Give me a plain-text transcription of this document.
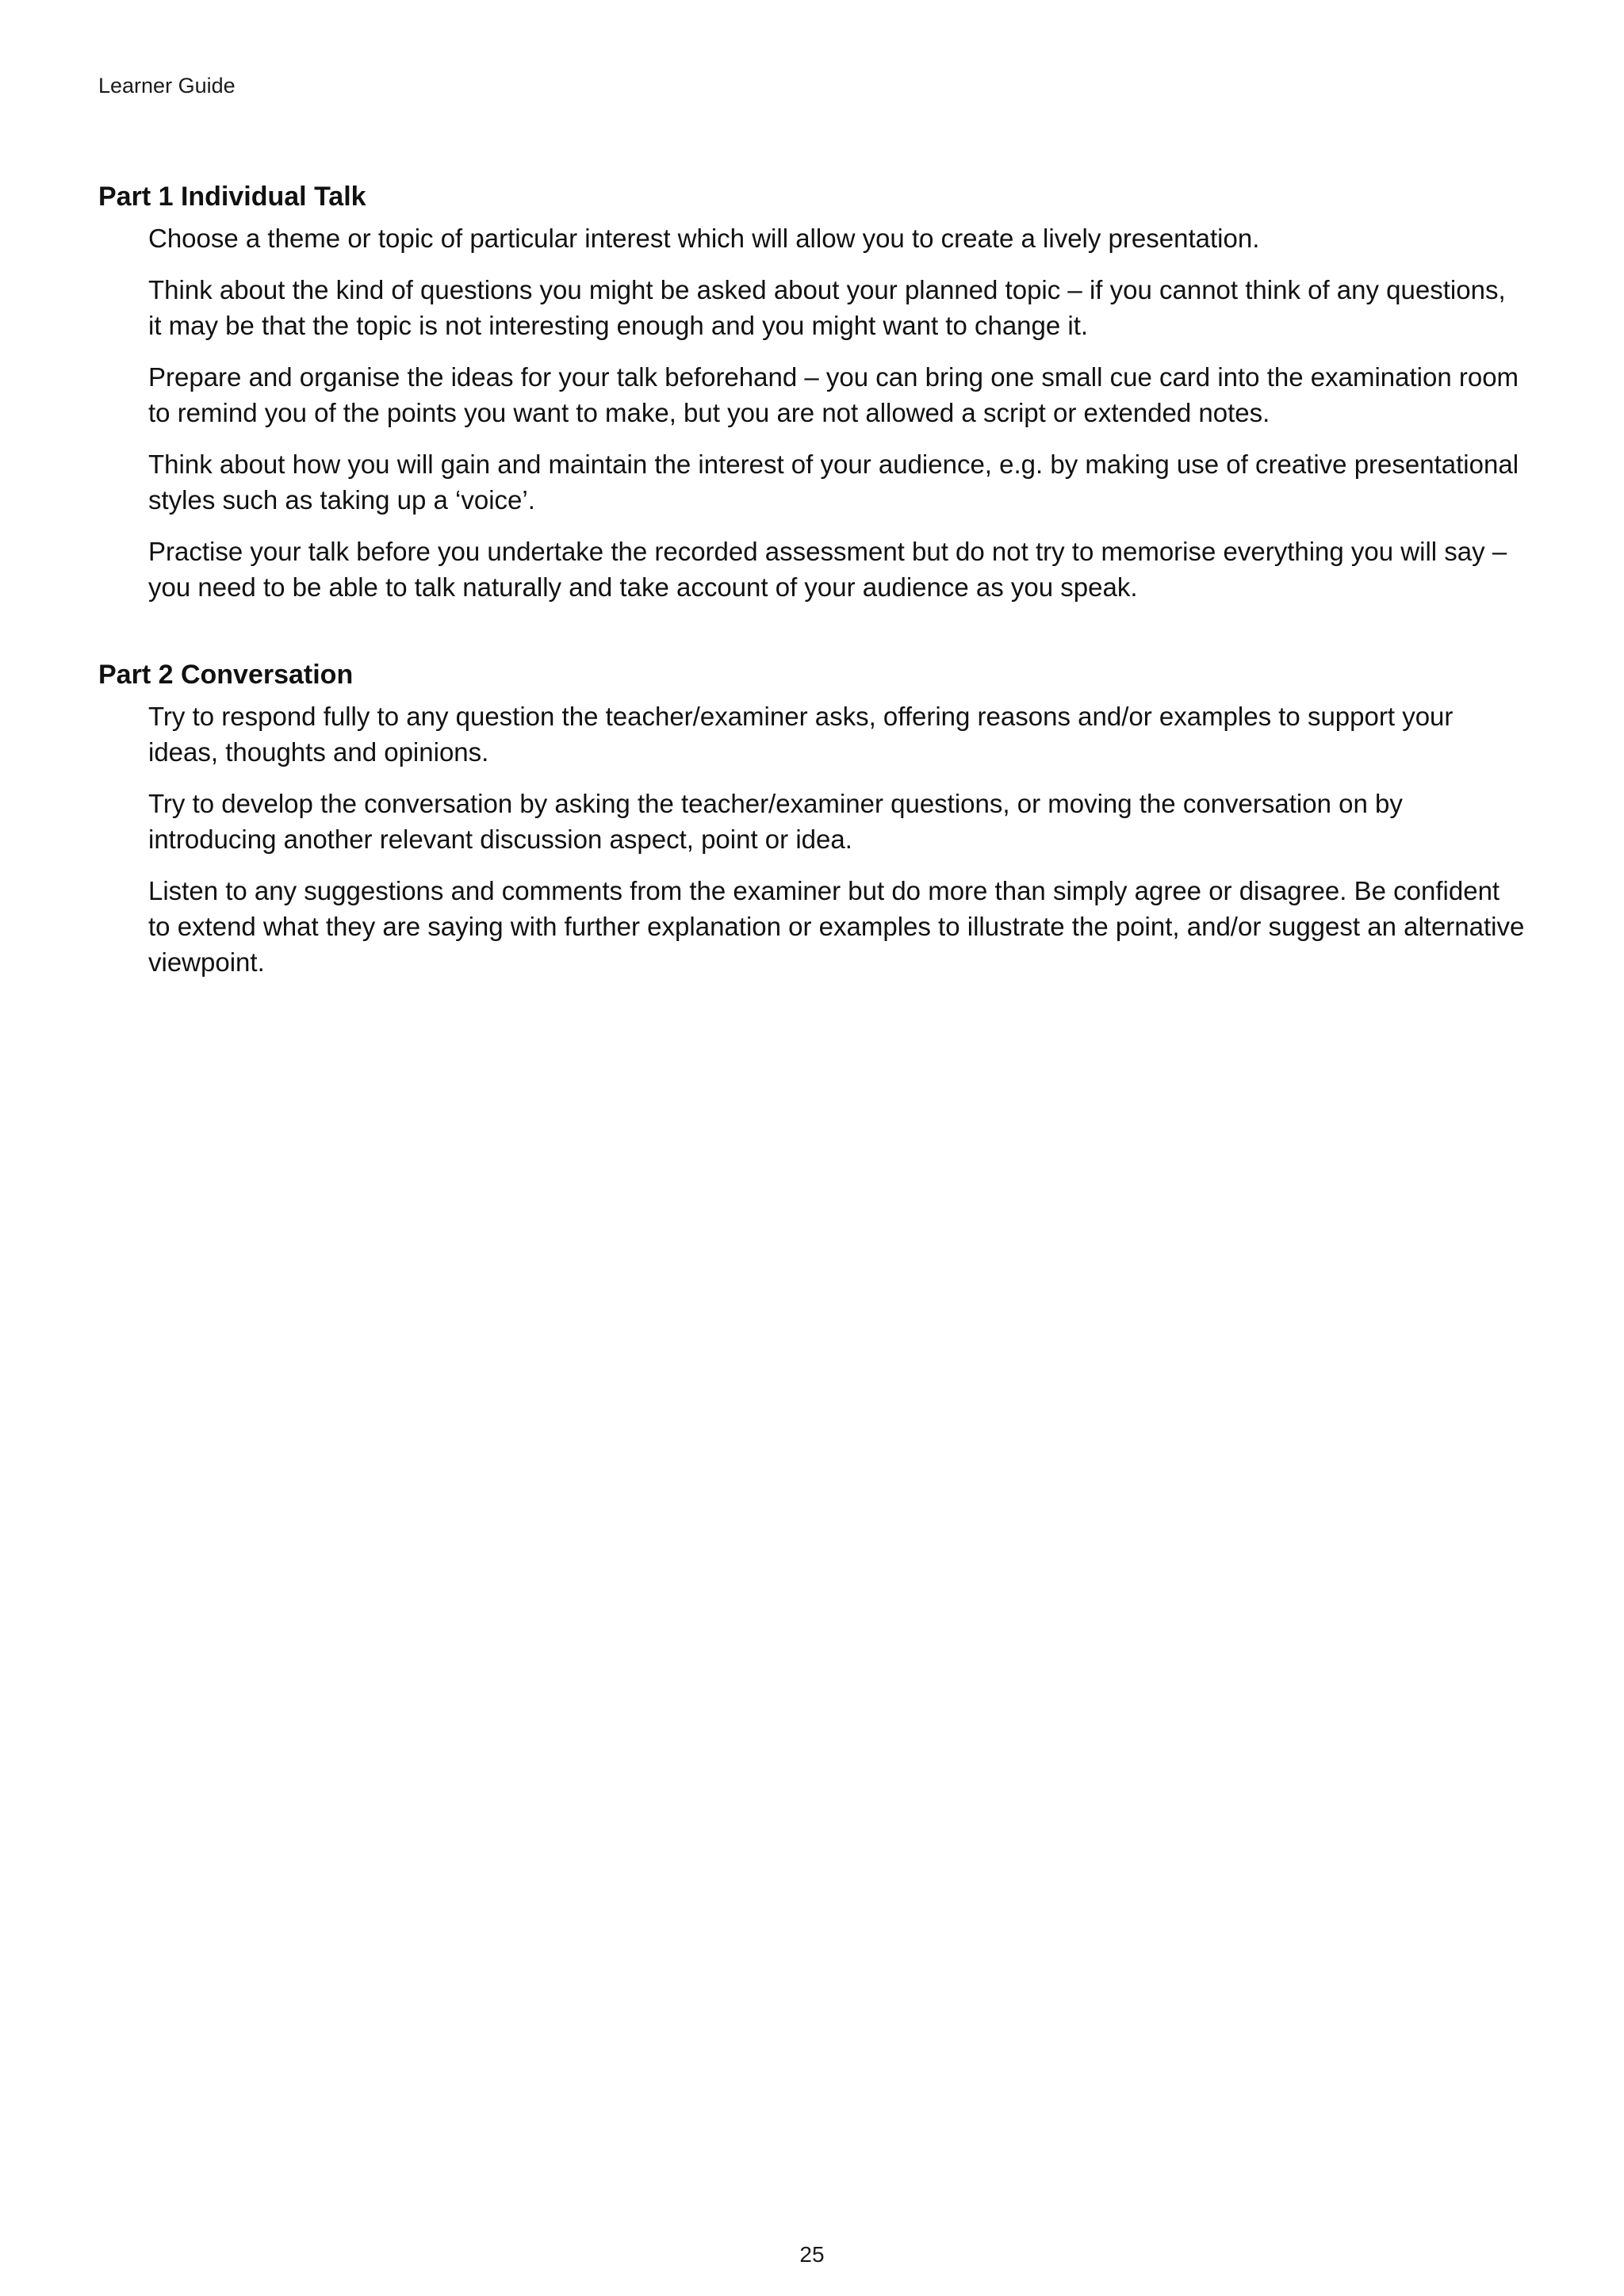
Learner Guide
Part 1 Individual Talk

Choose a theme or topic of particular interest which will allow you to create a lively presentation.

Think about the kind of questions you might be asked about your planned topic – if you cannot think of any questions, it may be that the topic is not interesting enough and you might want to change it.

Prepare and organise the ideas for your talk beforehand – you can bring one small cue card into the examination room to remind you of the points you want to make, but you are not allowed a script or extended notes.

Think about how you will gain and maintain the interest of your audience, e.g. by making use of creative presentational styles such as taking up a ‘voice’.

Practise your talk before you undertake the recorded assessment but do not try to memorise everything you will say – you need to be able to talk naturally and take account of your audience as you speak.

Part 2 Conversation

Try to respond fully to any question the teacher/examiner asks, offering reasons and/or examples to support your ideas, thoughts and opinions.

Try to develop the conversation by asking the teacher/examiner questions, or moving the conversation on by introducing another relevant discussion aspect, point or idea.

Listen to any suggestions and comments from the examiner but do more than simply agree or disagree. Be confident to extend what they are saying with further explanation or examples to illustrate the point, and/or suggest an alternative viewpoint.

25
